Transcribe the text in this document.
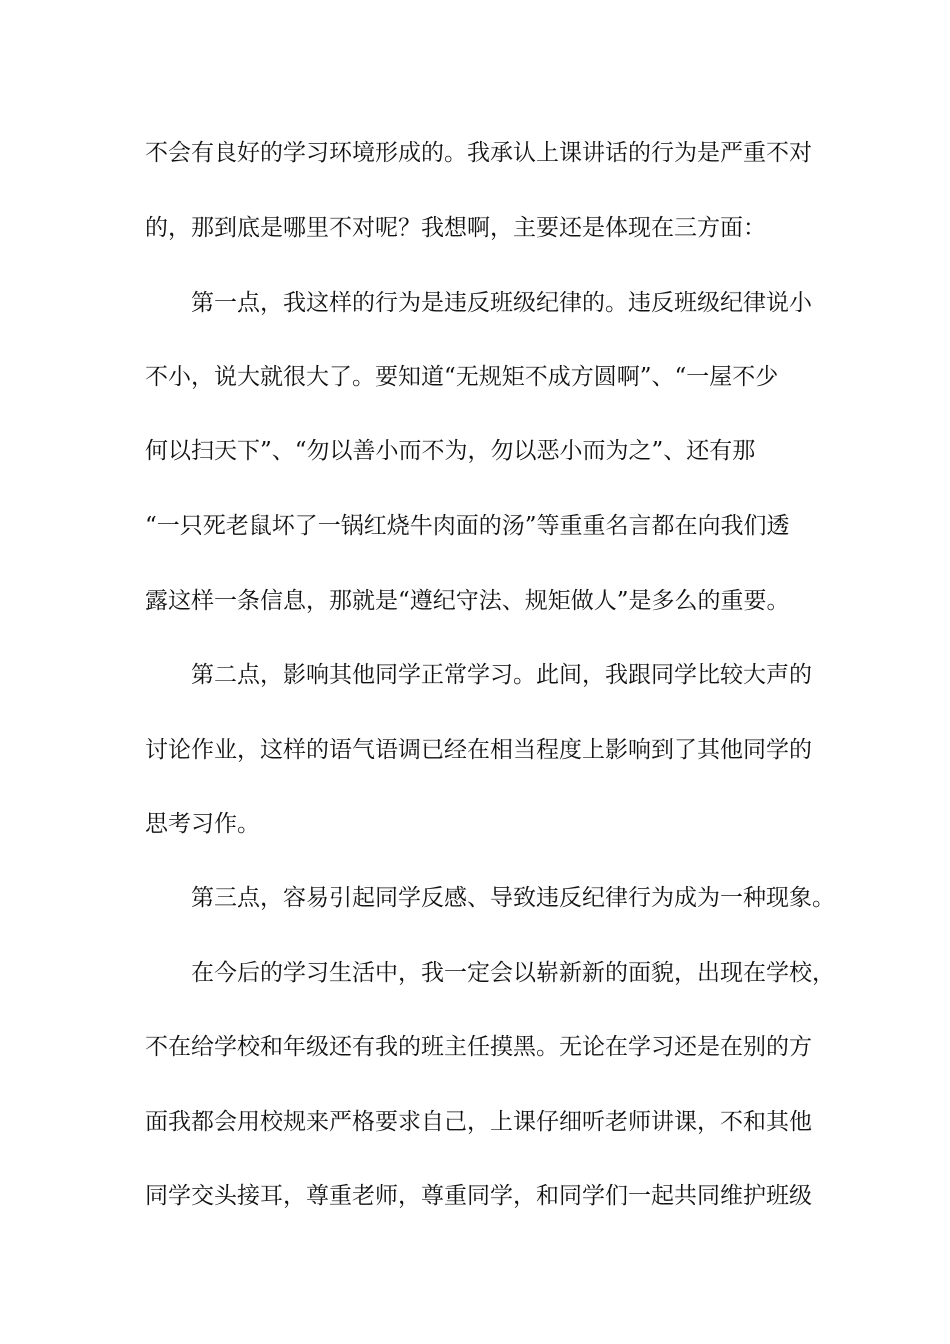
不会有良好的学习环境形成的。我承认上课讲话的行为是严重不对
的，那到底是哪里不对呢？我想啊，主要还是体现在三方面：
第一点，我这样的行为是违反班级纪律的。违反班级纪律说小
不小，说大就很大了。要知道“无规矩不成方圆啊”、“一屋不少
何以扫天下”、“勿以善小而不为，勿以恶小而为之”、还有那
“一只死老鼠坏了一锅红烧牛肉面的汤”等重重名言都在向我们透
露这样一条信息，那就是“遵纪守法、规矩做人”是多么的重要。
第二点，影响其他同学正常学习。此间，我跟同学比较大声的
讨论作业，这样的语气语调已经在相当程度上影响到了其他同学的
思考习作。
第三点，容易引起同学反感、导致违反纪律行为成为一种现象。
在今后的学习生活中，我一定会以崭新新的面貌，出现在学校，
不在给学校和年级还有我的班主任摸黑。无论在学习还是在别的方
面我都会用校规来严格要求自己，上课仔细听老师讲课，不和其他
同学交头接耳，尊重老师，尊重同学，和同学们一起共同维护班级
